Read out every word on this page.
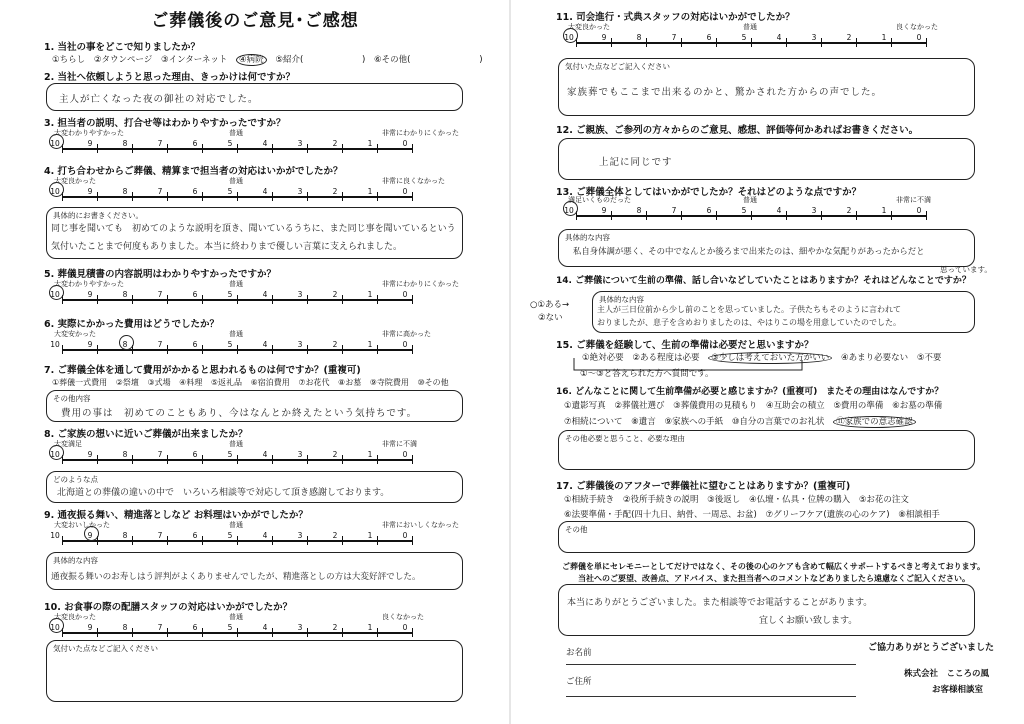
ご葬儀後のご意見･ご感想
1. 当社の事をどこで知りましたか？
①ちらし ②タウンページ ③インターネット ④病院 ⑤紹介(	) ⑥その他(	)
2. 当社へ依頼しようと思った理由、きっかけは何ですか？
主人が亡くなった夜の御社の対応でした。
3. 担当者の説明、打合せ等はわかりやすかったですか？
大変わかりやすかった	普通	非常にわかりにくかった
10	9	8	7	6	5	4	3	2	1	0
4. 打ち合わせからご葬儀、精算まで担当者の対応はいかがでしたか？
大変良かった	普通	非常に良くなかった
10	9	8	7	6	5	4	3	2	1	0
具体的にお書きください。
同じ事を聞いても　初めてのような説明を頂き、聞いているうちに、また同じ事を聞いているという
気付いたことまで何度もありました。本当に終わりまで優しい言葉に支えられました。
5. 葬儀見積書の内容説明はわかりやすかったですか？
大変わかりやすかった	普通	非常にわかりにくかった
10	9	8	7	6	5	4	3	2	1	0
6. 実際にかかった費用はどうでしたか？
大変安かった	普通	非常に高かった
10	9	8	7	6	5	4	3	2	1	0
7. ご葬儀全体を通して費用がかかると思われるものは何ですか？(重複可)
①葬儀一式費用 ②祭壇 ③式場 ④料理 ⑤返礼品 ⑥宿泊費用 ⑦お花代 ⑧お墓 ⑨寺院費用 ⑩その他
その他内容
費用の事は　初めてのこともあり、今はなんとか終えたという気持ちです。
8. ご家族の想いに近いご葬儀が出来ましたか？
大変満足	普通	非常に不満
10	9	8	7	6	5	4	3	2	1	0
どのような点
北海道との葬儀の違いの中で　いろいろ相談等で対応して頂き感謝しております。
9. 通夜振る舞い、精進落としなど お料理はいかがでしたか？
大変おいしかった	普通	非常においしくなかった
10	9	8	7	6	5	4	3	2	1	0
具体的な内容
通夜振る舞いのお寿しはう評判がよくありませんでしたが、精進落としの方は大変好評でした。
10. お食事の際の配膳スタッフの対応はいかがでしたか？
大変良かった	普通	良くなかった
10	9	8	7	6	5	4	3	2	1	0
気付いた点などご記入ください
11. 司会進行・式典スタッフの対応はいかがでしたか？
大変良かった	普通	良くなかった
10	9	8	7	6	5	4	3	2	1	0
気付いた点などご記入ください
家族葬でもここまで出来るのかと、驚かされた方からの声でした。
12. ご親族、ご参列の方々からのご意見、感想、評価等何かあればお書きください。
上記に同じです
13. ご葬儀全体としてはいかがでしたか？それはどのような点ですか？
満足いくものだった	普通	非常に不満
10	9	8	7	6	5	4	3	2	1	0
具体的な内容
私自身体調が悪く、その中でなんとか後ろまで出来たのは、細やかな気配りがあったからだと
思っています。
14. ご葬儀について生前の準備、話し合いなどしていたことはありますか？それはどんなことですか？
○①ある→
②ない
具体的な内容
主人が三日位前から少し前のことを思っていました。子供たちもそのように言われて
おりましたが、息子を含めおりましたのは、やはりこの場を用意していたのでした。
15. ご葬儀を経験して、生前の準備は必要だと思いますか？
①絶対必要 ②ある程度は必要 ③少しは考えておいた方がいい ④あまり必要ない ⑤不要
①～③と答えられた方へ質問です。
16. どんなことに関して生前準備が必要と感じますか？(重複可)　またその理由はなんですか？
①遺影写真 ②葬儀社選び ③葬儀費用の見積もり ④互助会の積立 ⑤費用の準備 ⑥お墓の準備
⑦相続について ⑧遺言 ⑨家族への手紙 ⑩自分の言葉でのお礼状 ⑪家族での意志確認
その他必要と思うこと、必要な理由
17. ご葬儀後のアフターで葬儀社に望むことはありますか？(重複可)
①相続手続き ②役所手続きの説明 ③後返し ④仏壇・仏具・位牌の購入 ⑤お花の注文
⑥法要準備・手配(四十九日、納骨、一周忌、お盆) ⑦グリーフケア(遺族の心のケア) ⑧相談相手
その他
ご葬儀を単にセレモニーとしてだけではなく、その後の心のケアも含めて幅広くサポートするべきと考えております。
当社へのご要望、改善点、アドバイス、また担当者へのコメントなどありましたら遠慮なくご記入ください。
本当にありがとうございました。また相談等でお電話することがあります。
宜しくお願い致します。
ご協力ありがとうございました
お名前
ご住所
株式会社　こころの風
お客様相談室
